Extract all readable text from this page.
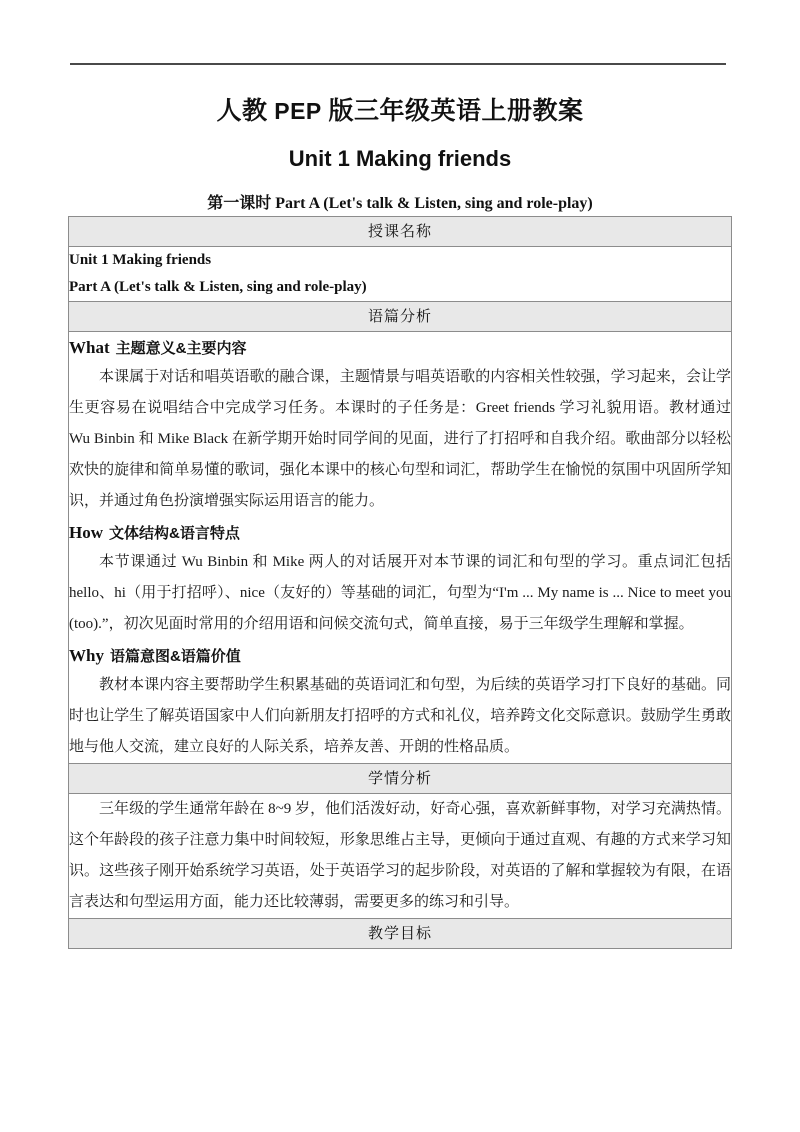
人教 PEP 版三年级英语上册教案
Unit 1 Making friends
第一课时 Part A (Let's talk & Listen, sing and role-play)
授课名称

Unit 1 Making friends
Part A (Let's talk & Listen, sing and role-play)

语篇分析

What 主题意义&主要内容

本课属于对话和唱英语歌的融合课，主题情景与唱英语歌的内容相关性较强，学习起来，会让学生更容易在说唱结合中完成学习任务。本课时的子任务是：Greet friends 学习礼貌用语。教材通过 Wu Binbin 和 Mike Black 在新学期开始时同学间的见面，进行了打招呼和自我介绍。歌曲部分以轻松欢快的旋律和简单易懂的歌词，强化本课中的核心句型和词汇，帮助学生在愉悦的氛围中巩固所学知识，并通过角色扮演增强实际运用语言的能力。

How 文体结构&语言特点

本节课通过 Wu Binbin 和 Mike 两人的对话展开对本节课的词汇和句型的学习。重点词汇包括 hello、hi（用于打招呼）、nice（友好的）等基础的词汇，句型为“I'm ... My name is ... Nice to meet you (too).”，初次见面时常用的介绍用语和问候交流句式，简单直接，易于三年级学生理解和掌握。

Why 语篇意图&语篇价值

教材本课内容主要帮助学生积累基础的英语词汇和句型，为后续的英语学习打下良好的基础。同时也让学生了解英语国家中人们向新朋友打招呼的方式和礼仪，培养跨文化交际意识。鼓励学生勇敢地与他人交流，建立良好的人际关系，培养友善、开朗的性格品质。

学情分析

三年级的学生通常年龄在 8~9 岁，他们活泼好动，好奇心强，喜欢新鲜事物，对学习充满热情。这个年龄段的孩子注意力集中时间较短，形象思维占主导，更倾向于通过直观、有趣的方式来学习知识。这些孩子刚开始系统学习英语，处于英语学习的起步阶段，对英语的了解和掌握较为有限，在语言表达和句型运用方面，能力还比较薄弱，需要更多的练习和引导。

教学目标
